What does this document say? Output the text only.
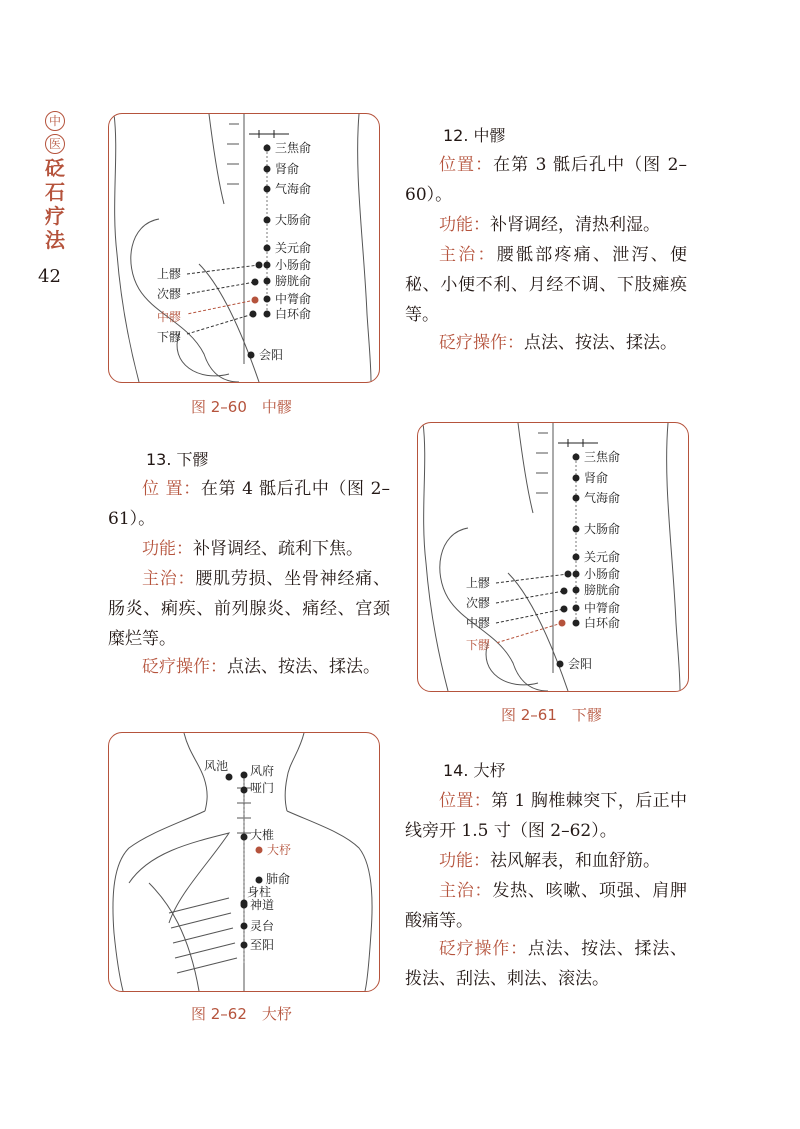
中
医
砭
石
疗
法
42
三焦俞
肾俞
气海俞
大肠俞
关元俞
小肠俞
膀胱俞
中膂俞
白环俞
会阳
上髎
次髎
中髎
下髎
图 2–60　中髎
12. 中髎
位置：在第 3 骶后孔中（图 2–60）。
功能：补肾调经，清热利湿。
主治：腰骶部疼痛、泄泻、便秘、小便不利、月经不调、下肢瘫痪等。
砭疗操作：点法、按法、揉法。
13. 下髎
位 置：在第 4 骶后孔中（图 2–61）。
功能：补肾调经、疏利下焦。
主治：腰肌劳损、坐骨神经痛、肠炎、痢疾、前列腺炎、痛经、宫颈糜烂等。
砭疗操作：点法、按法、揉法。
三焦俞
肾俞
气海俞
大肠俞
关元俞
小肠俞
膀胱俞
中膂俞
白环俞
会阳
上髎
次髎
中髎
下髎
图 2–61　下髎
风池 风府
哑门
大椎
大杼
肺俞
身柱
神道
灵台
至阳
图 2–62　大杼
14. 大杼
位置：第 1 胸椎棘突下，后正中线旁开 1.5 寸（图 2–62）。
功能：祛风解表，和血舒筋。
主治：发热、咳嗽、项强、肩胛酸痛等。
砭疗操作：点法、按法、揉法、拨法、刮法、刺法、滚法。
